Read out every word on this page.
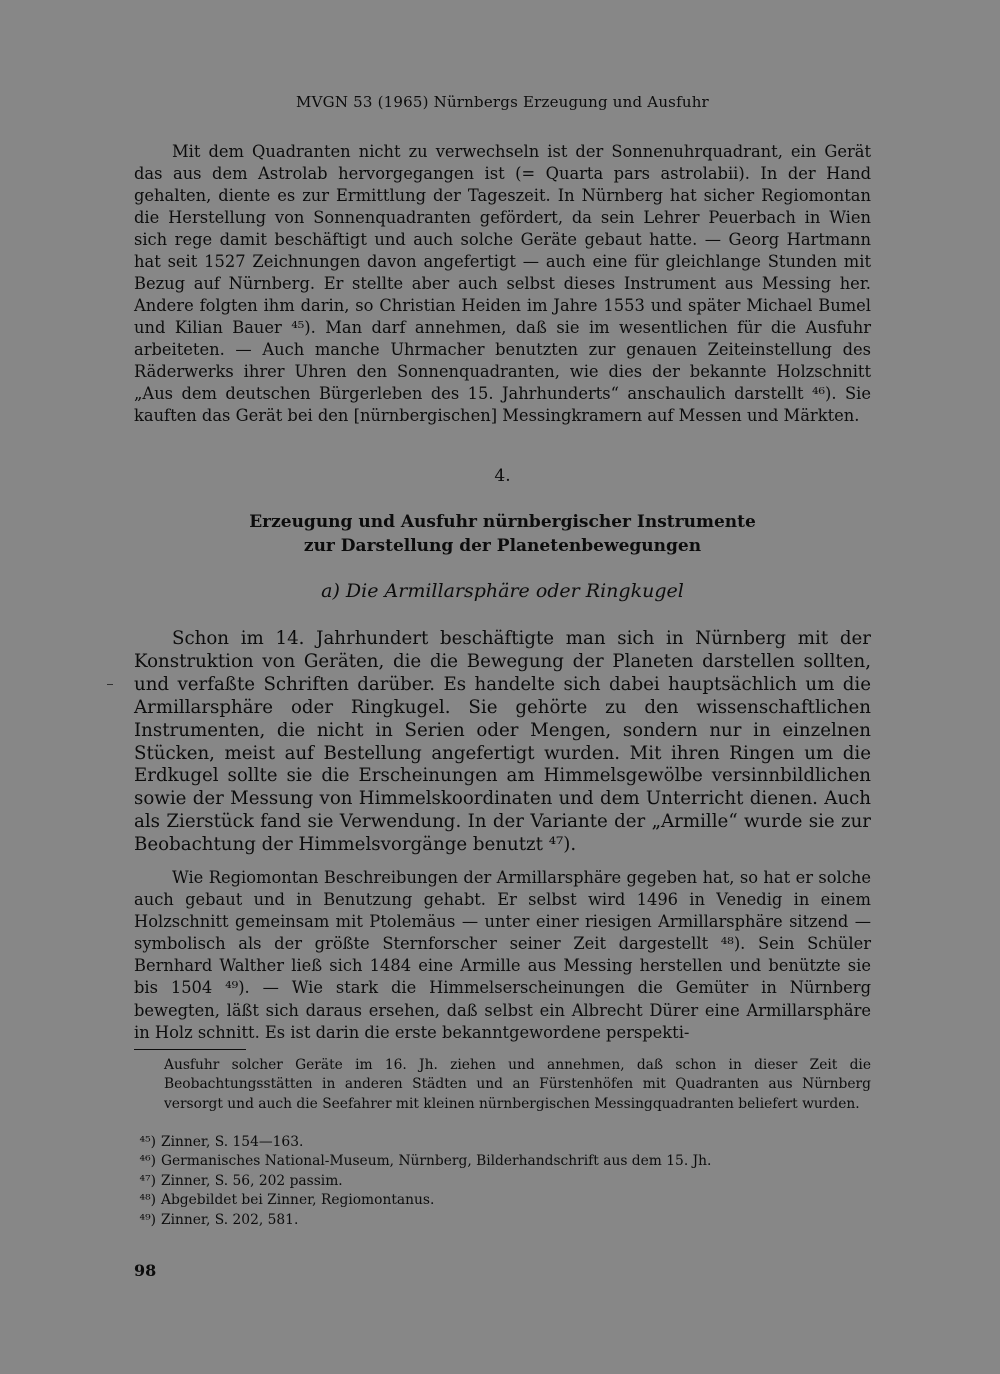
MVGN 53 (1965) Nürnbergs Erzeugung und Ausfuhr

Mit dem Quadranten nicht zu verwechseln ist der Sonnenuhrquadrant, ein Gerät das aus dem Astrolab hervorgegangen ist (= Quarta pars astrolabii). In der Hand gehalten, diente es zur Ermittlung der Tageszeit. In Nürnberg hat sicher Regiomontan die Herstellung von Sonnenquadranten gefördert, da sein Lehrer Peuerbach in Wien sich rege damit beschäftigt und auch solche Geräte gebaut hatte. — Georg Hartmann hat seit 1527 Zeichnungen davon angefertigt — auch eine für gleichlange Stunden mit Bezug auf Nürnberg. Er stellte aber auch selbst dieses Instrument aus Messing her. Andere folgten ihm darin, so Christian Heiden im Jahre 1553 und später Michael Bumel und Kilian Bauer ⁴⁵). Man darf annehmen, daß sie im wesentlichen für die Ausfuhr arbeiteten. — Auch manche Uhrmacher benutzten zur genauen Zeiteinstellung des Räderwerks ihrer Uhren den Sonnenquadranten, wie dies der bekannte Holzschnitt „Aus dem deutschen Bürgerleben des 15. Jahrhunderts“ anschaulich darstellt ⁴⁶). Sie kauften das Gerät bei den [nürnbergischen] Messingkramern auf Messen und Märkten.

4.
Erzeugung und Ausfuhr nürnbergischer Instrumente
zur Darstellung der Planetenbewegungen
a) Die Armillarsphäre oder Ringkugel

Schon im 14. Jahrhundert beschäftigte man sich in Nürnberg mit der Konstruktion von Geräten, die die Bewegung der Planeten darstellen sollten, und verfaßte Schriften darüber. Es handelte sich dabei hauptsächlich um die Armillarsphäre oder Ringkugel. Sie gehörte zu den wissenschaftlichen Instrumenten, die nicht in Serien oder Mengen, sondern nur in einzelnen Stücken, meist auf Bestellung angefertigt wurden. Mit ihren Ringen um die Erdkugel sollte sie die Erscheinungen am Himmelsgewölbe versinnbildlichen sowie der Messung von Himmelskoordinaten und dem Unterricht dienen. Auch als Zierstück fand sie Verwendung. In der Variante der „Armille“ wurde sie zur Beobachtung der Himmelsvorgänge benutzt ⁴⁷).

Wie Regiomontan Beschreibungen der Armillarsphäre gegeben hat, so hat er solche auch gebaut und in Benutzung gehabt. Er selbst wird 1496 in Venedig in einem Holzschnitt gemeinsam mit Ptolemäus — unter einer riesigen Armillarsphäre sitzend — symbolisch als der größte Sternforscher seiner Zeit dargestellt ⁴⁸). Sein Schüler Bernhard Walther ließ sich 1484 eine Armille aus Messing herstellen und benützte sie bis 1504 ⁴⁹). — Wie stark die Himmelserscheinungen die Gemüter in Nürnberg bewegten, läßt sich daraus ersehen, daß selbst ein Albrecht Dürer eine Armillarsphäre in Holz schnitt. Es ist darin die erste bekanntgewordene perspekti-

Ausfuhr solcher Geräte im 16. Jh. ziehen und annehmen, daß schon in dieser Zeit die Beobachtungsstätten in anderen Städten und an Fürstenhöfen mit Quadranten aus Nürnberg versorgt und auch die Seefahrer mit kleinen nürnbergischen Messingquadranten beliefert wurden.
⁴⁵) Zinner, S. 154—163.
⁴⁶) Germanisches National-Museum, Nürnberg, Bilderhandschrift aus dem 15. Jh.
⁴⁷) Zinner, S. 56, 202 passim.
⁴⁸) Abgebildet bei Zinner, Regiomontanus.
⁴⁹) Zinner, S. 202, 581.
98
